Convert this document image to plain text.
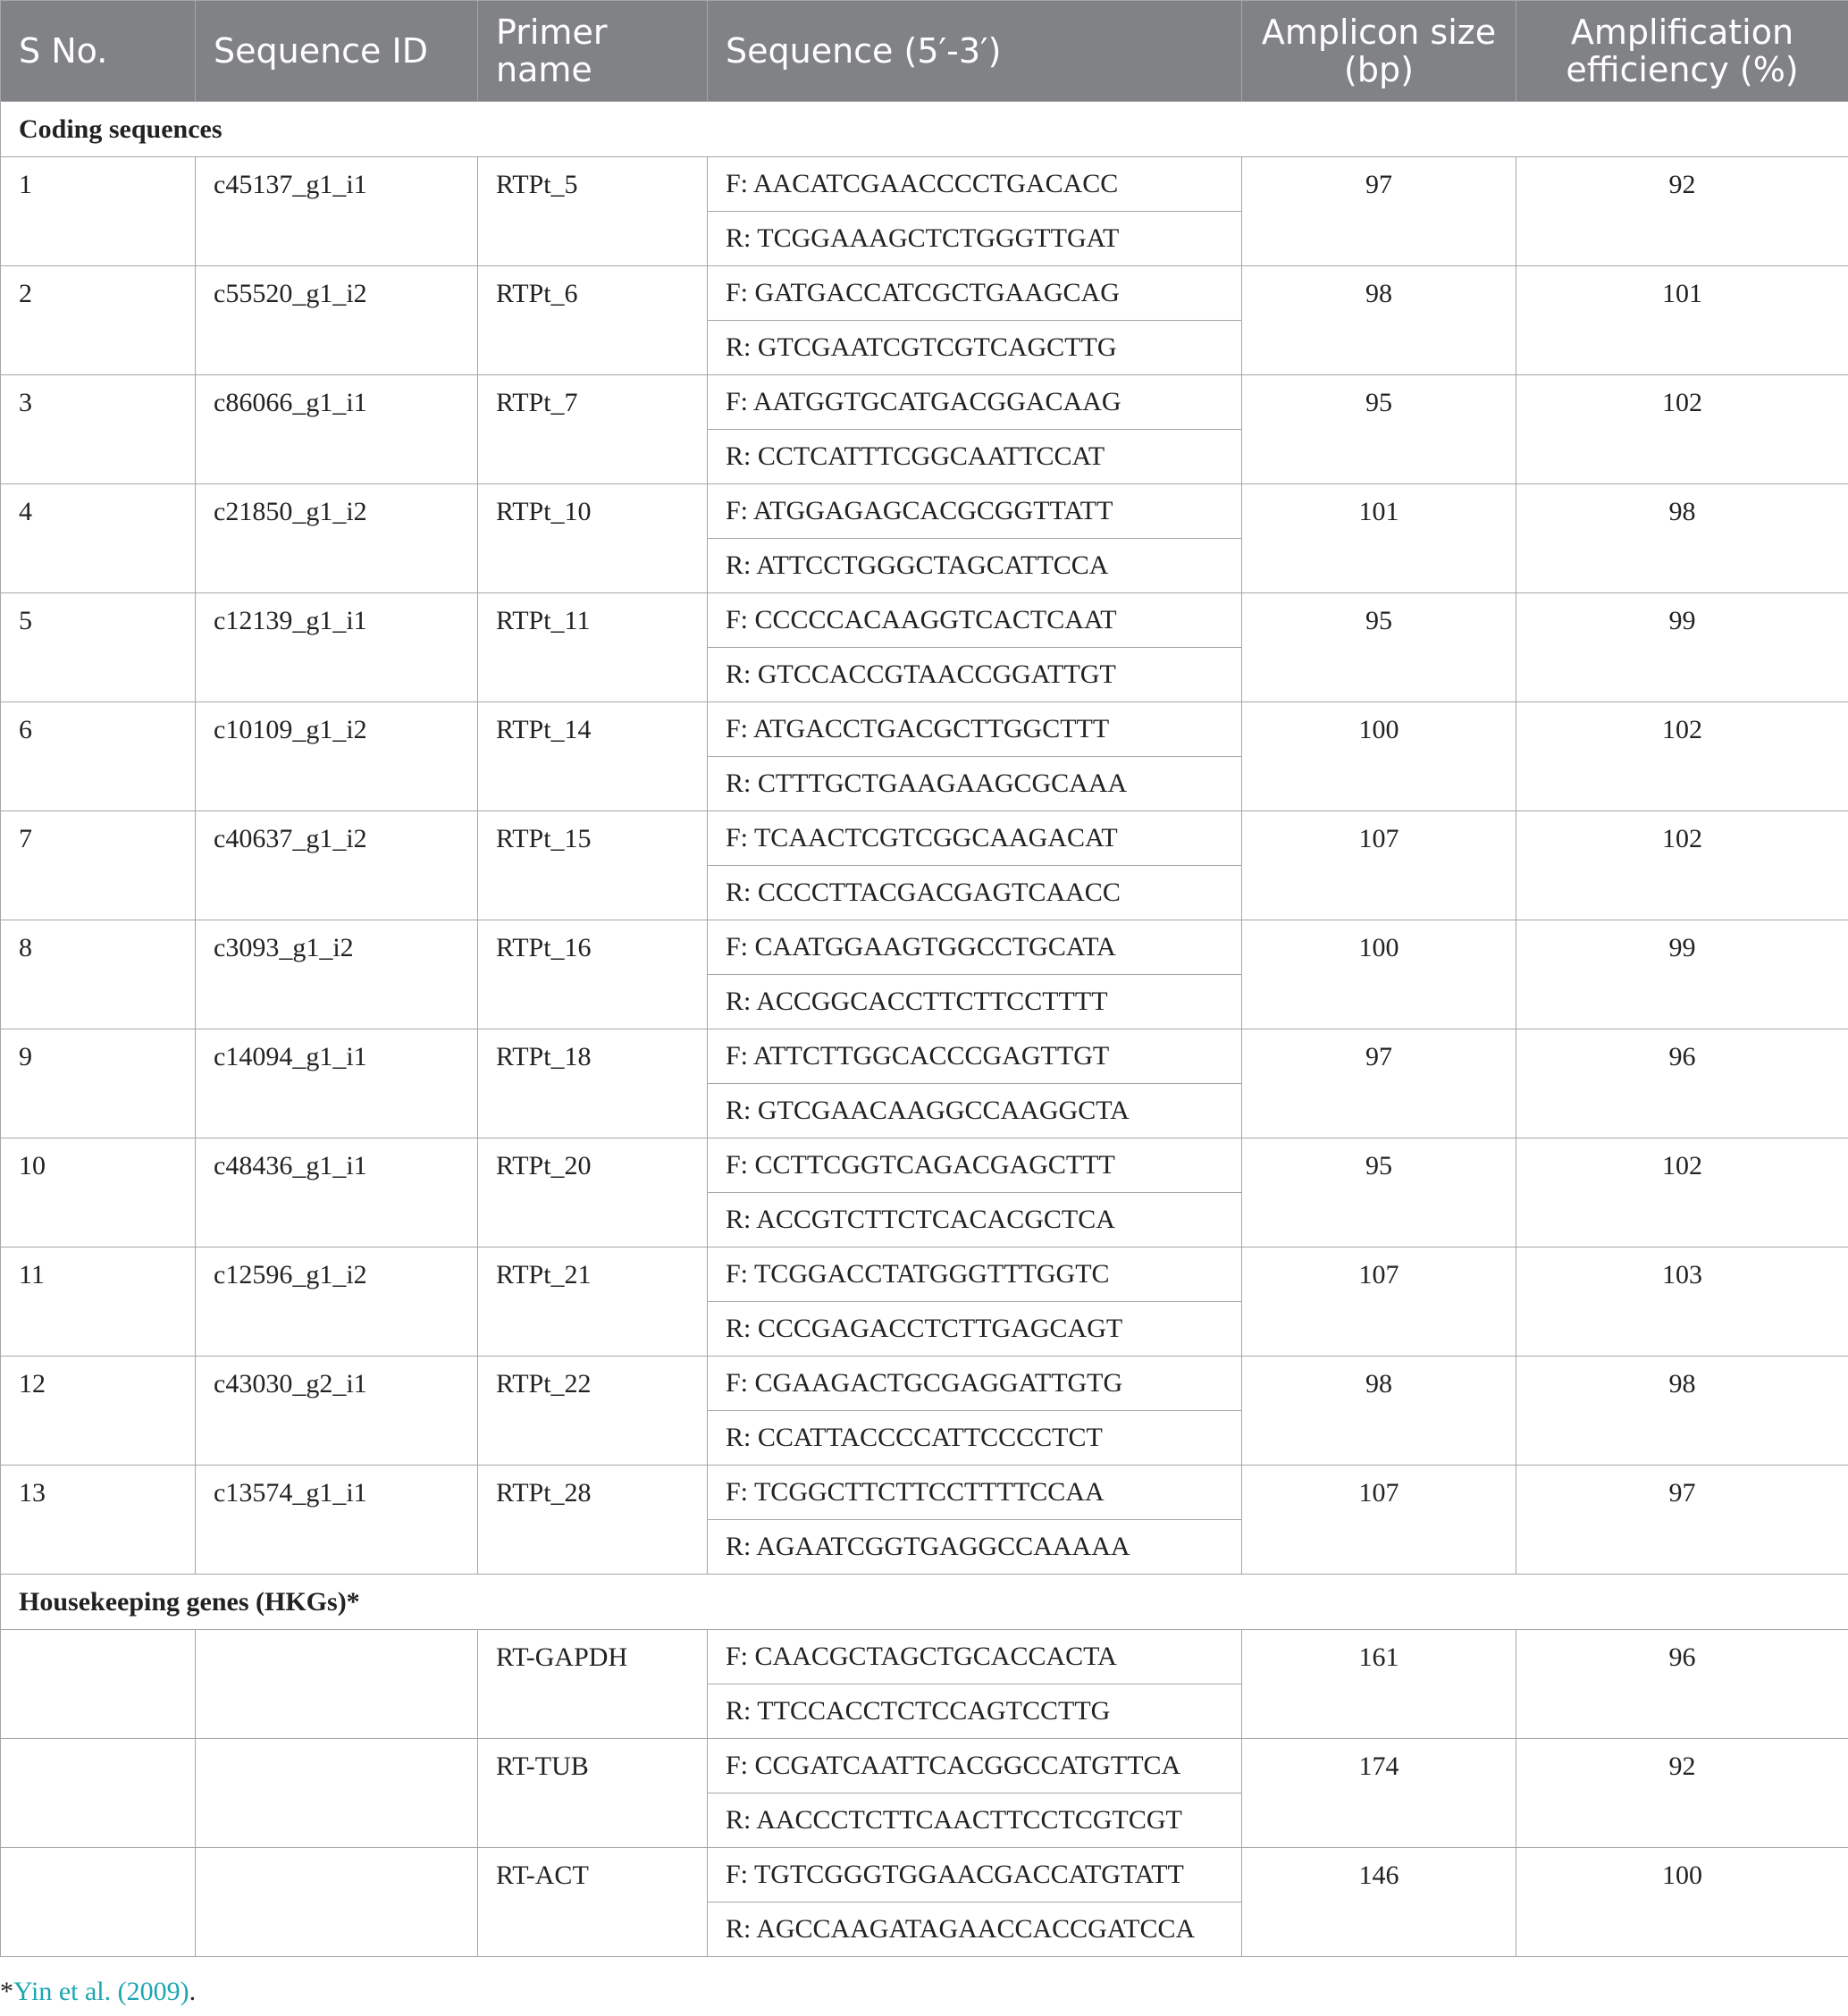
S No.	Sequence ID	Primer name	Sequence (5′-3′)	Amplicon size (bp)	Amplification efficiency (%)
Coding sequences					
1	c45137_g1_i1	RTPt_5	F: AACATCGAACCCCTGACACC	97	92
			R: TCGGAAAGCTCTGGGTTGAT		
2	c55520_g1_i2	RTPt_6	F: GATGACCATCGCTGAAGCAG	98	101
			R: GTCGAATCGTCGTCAGCTTG		
3	c86066_g1_i1	RTPt_7	F: AATGGTGCATGACGGACAAG	95	102
			R: CCTCATTTCGGCAATTCCAT		
4	c21850_g1_i2	RTPt_10	F: ATGGAGAGCACGCGGTTATT	101	98
			R: ATTCCTGGGCTAGCATTCCA		
5	c12139_g1_i1	RTPt_11	F: CCCCCACAAGGTCACTCAAT	95	99
			R: GTCCACCGTAACCGGATTGT		
6	c10109_g1_i2	RTPt_14	F: ATGACCTGACGCTTGGCTTT	100	102
			R: CTTTGCTGAAGAAGCGCAAA		
7	c40637_g1_i2	RTPt_15	F: TCAACTCGTCGGCAAGACAT	107	102
			R: CCCCTTACGACGAGTCAACC		
8	c3093_g1_i2	RTPt_16	F: CAATGGAAGTGGCCTGCATA	100	99
			R: ACCGGCACCTTCTTCCTTTT		
9	c14094_g1_i1	RTPt_18	F: ATTCTTGGCACCCGAGTTGT	97	96
			R: GTCGAACAAGGCCAAGGCTA		
10	c48436_g1_i1	RTPt_20	F: CCTTCGGTCAGACGAGCTTT	95	102
			R: ACCGTCTTCTCACACGCTCA		
11	c12596_g1_i2	RTPt_21	F: TCGGACCTATGGGTTTGGTC	107	103
			R: CCCGAGACCTCTTGAGCAGT		
12	c43030_g2_i1	RTPt_22	F: CGAAGACTGCGAGGATTGTG	98	98
			R: CCATTACCCCATTCCCCTCT		
13	c13574_g1_i1	RTPt_28	F: TCGGCTTCTTCCTTTTCCAA	107	97
			R: AGAATCGGTGAGGCCAAAAA		
Housekeeping genes (HKGs)*					
		RT-GAPDH	F: CAACGCTAGCTGCACCACTA	161	96
			R: TTCCACCTCTCCAGTCCTTG		
		RT-TUB	F: CCGATCAATTCACGGCCATGTTCA	174	92
			R: AACCCTCTTCAACTTCCTCGTCGT		
		RT-ACT	F: TGTCGGGTGGAACGACCATGTATT	146	100
			R: AGCCAAGATAGAACCACCGATCCA		
*Yin et al. (2009).
